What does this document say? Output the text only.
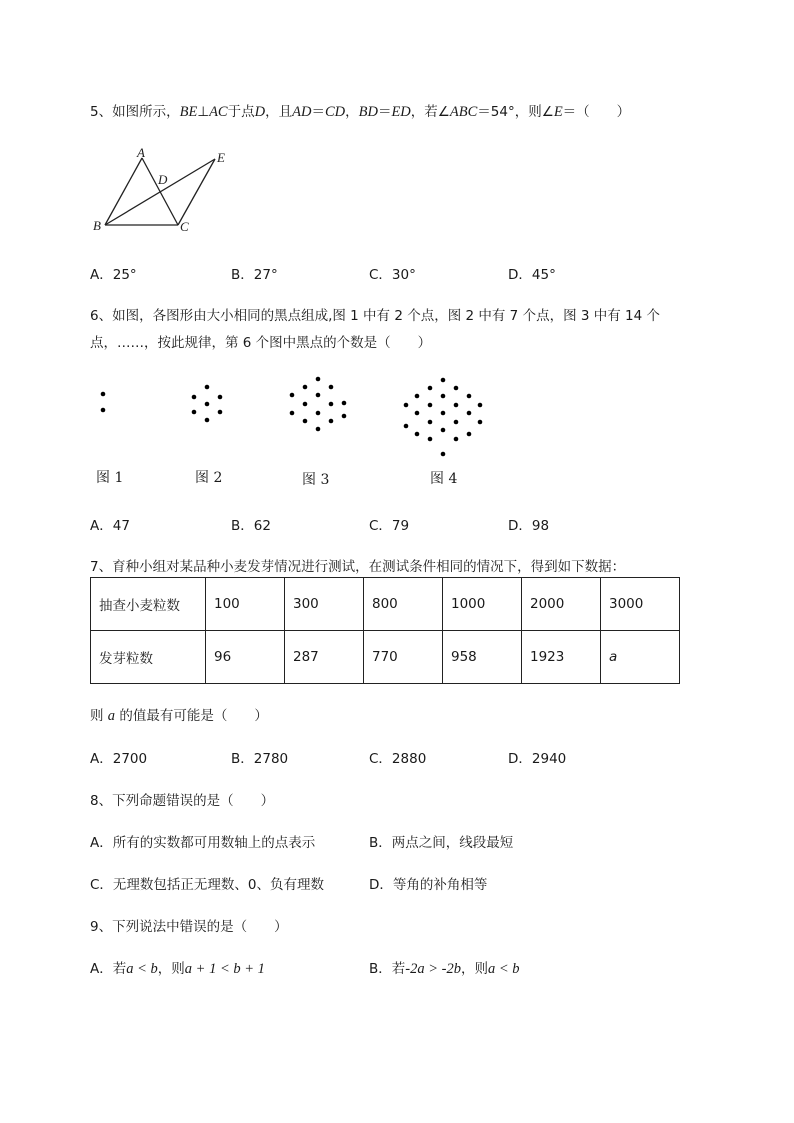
5、如图所示，BE⊥AC于点D，且AD＝CD，BD＝ED，若∠ABC＝54°，则∠E＝（　　）
A
B	C
D
E
A．25°	B．27°	C．30°	D．45°
6、如图，各图形由大小相同的黑点组成,图 1 中有 2 个点，图 2 中有 7 个点，图 3 中有 14 个
点，……，按此规律，第 6 个图中黑点的个数是（　　）
图 1	图 2	图 3	图 4
A．47	B．62	C．79	D．98
7、育种小组对某品种小麦发芽情况进行测试，在测试条件相同的情况下，得到如下数据：
抽查小麦粒数	100	300	800	1000	2000	3000
发芽粒数	96	287	770	958	1923	a
则 a 的值最有可能是（　　）
A．2700	B．2780	C．2880	D．2940
8、下列命题错误的是（　　）
A．所有的实数都可用数轴上的点表示	B．两点之间，线段最短
C．无理数包括正无理数、0、负有理数	D．等角的补角相等
9、下列说法中错误的是（　　）
A．若a < b，则a + 1 < b + 1	B．若-2a > -2b，则a < b
